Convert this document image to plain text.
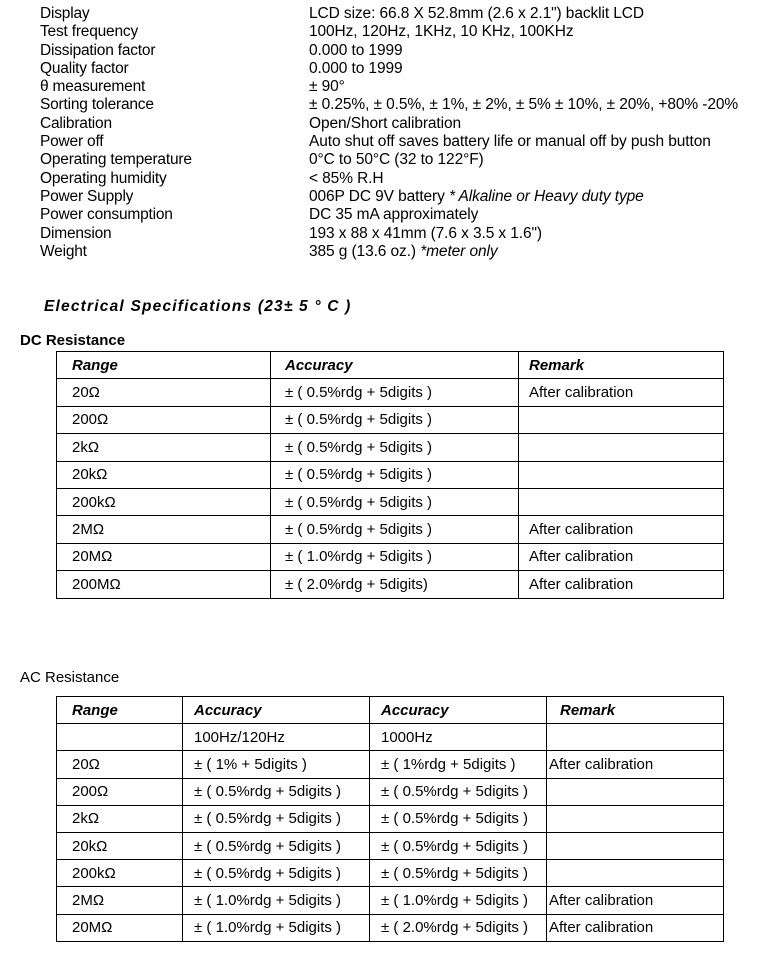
Display	LCD size: 66.8 X 52.8mm (2.6 x 2.1") backlit LCD
Test frequency	100Hz, 120Hz, 1KHz, 10 KHz, 100KHz
Dissipation factor	0.000 to 1999
Quality factor	0.000 to 1999
θ measurement	± 90°
Sorting tolerance	± 0.25%, ± 0.5%, ± 1%, ± 2%, ± 5% ± 10%, ± 20%, +80% -20%
Calibration	Open/Short calibration
Power off	Auto shut off saves battery life or manual off by push button
Operating temperature	0°C to 50°C (32 to 122°F)
Operating humidity	< 85% R.H
Power Supply	006P DC 9V battery * Alkaline or Heavy duty type
Power consumption	DC 35 mA approximately
Dimension	193 x 88 x 41mm (7.6 x 3.5 x 1.6")
Weight	385 g (13.6 oz.) *meter only
Electrical Specifications (23± 5 ° C )
DC Resistance
Range	Accuracy	Remark
20Ω	± ( 0.5%rdg + 5digits )	After calibration
200Ω	± ( 0.5%rdg + 5digits )	
2kΩ	± ( 0.5%rdg + 5digits )	
20kΩ	± ( 0.5%rdg + 5digits )	
200kΩ	± ( 0.5%rdg + 5digits )	
2MΩ	± ( 0.5%rdg + 5digits )	After calibration
20MΩ	± ( 1.0%rdg + 5digits )	After calibration
200MΩ	± ( 2.0%rdg + 5digits)	After calibration
AC Resistance
Range	Accuracy	Accuracy	Remark
	100Hz/120Hz	1000Hz	
20Ω	± ( 1% + 5digits )	± ( 1%rdg + 5digits )	After calibration
200Ω	± ( 0.5%rdg + 5digits )	± ( 0.5%rdg + 5digits )	
2kΩ	± ( 0.5%rdg + 5digits )	± ( 0.5%rdg + 5digits )	
20kΩ	± ( 0.5%rdg + 5digits )	± ( 0.5%rdg + 5digits )	
200kΩ	± ( 0.5%rdg + 5digits )	± ( 0.5%rdg + 5digits )	
2MΩ	± ( 1.0%rdg + 5digits )	± ( 1.0%rdg + 5digits )	After calibration
20MΩ	± ( 1.0%rdg + 5digits )	± ( 2.0%rdg + 5digits )	After calibration
